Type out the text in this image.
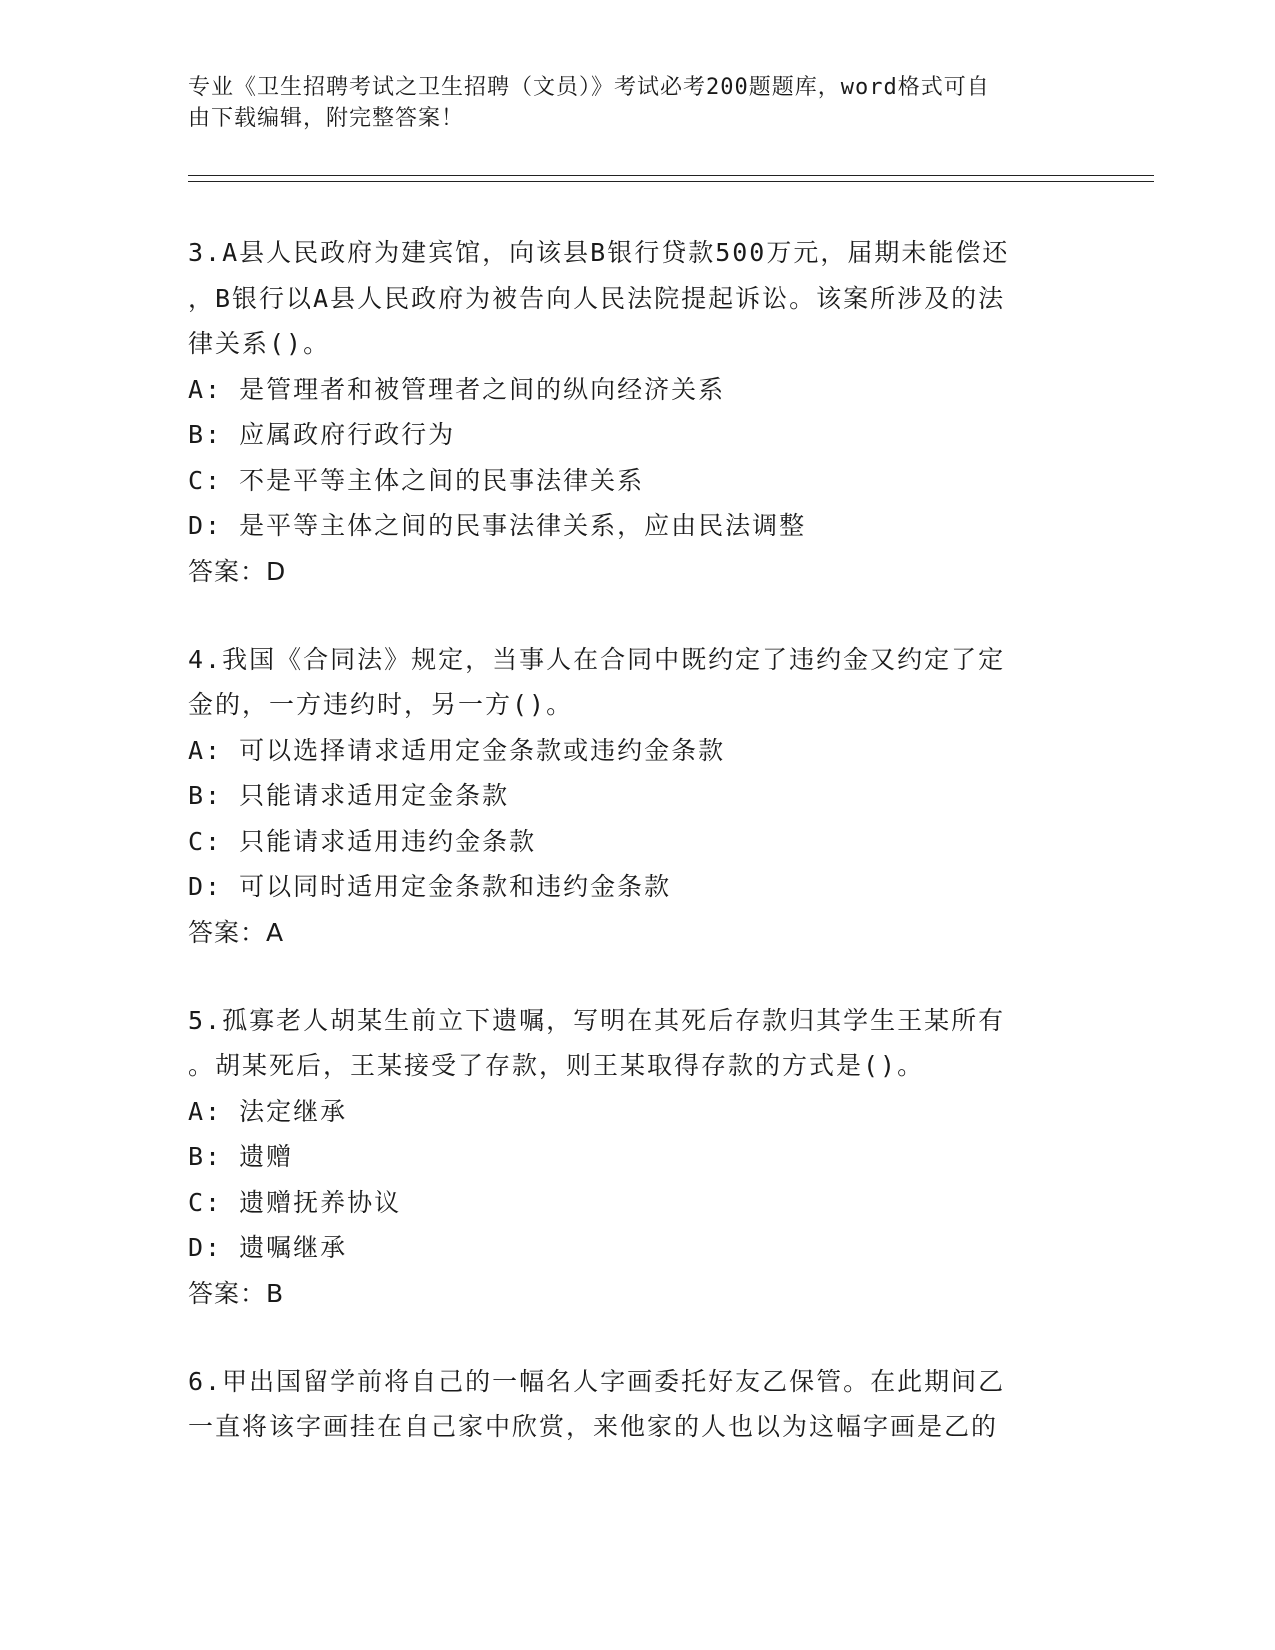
专业《卫生招聘考试之卫生招聘（文员）》考试必考200题题库，word格式可自
由下载编辑，附完整答案！
3.A县人民政府为建宾馆，向该县B银行贷款500万元，届期未能偿还
，B银行以A县人民政府为被告向人民法院提起诉讼。该案所涉及的法
律关系()。
A: 是管理者和被管理者之间的纵向经济关系
B: 应属政府行政行为
C: 不是平等主体之间的民事法律关系
D: 是平等主体之间的民事法律关系，应由民法调整
答案：D
4.我国《合同法》规定，当事人在合同中既约定了违约金又约定了定
金的，一方违约时，另一方()。
A: 可以选择请求适用定金条款或违约金条款
B: 只能请求适用定金条款
C: 只能请求适用违约金条款
D: 可以同时适用定金条款和违约金条款
答案：A
5.孤寡老人胡某生前立下遗嘱，写明在其死后存款归其学生王某所有
。胡某死后，王某接受了存款，则王某取得存款的方式是()。
A: 法定继承
B: 遗赠
C: 遗赠抚养协议
D: 遗嘱继承
答案：B
6.甲出国留学前将自己的一幅名人字画委托好友乙保管。在此期间乙
一直将该字画挂在自己家中欣赏，来他家的人也以为这幅字画是乙的
